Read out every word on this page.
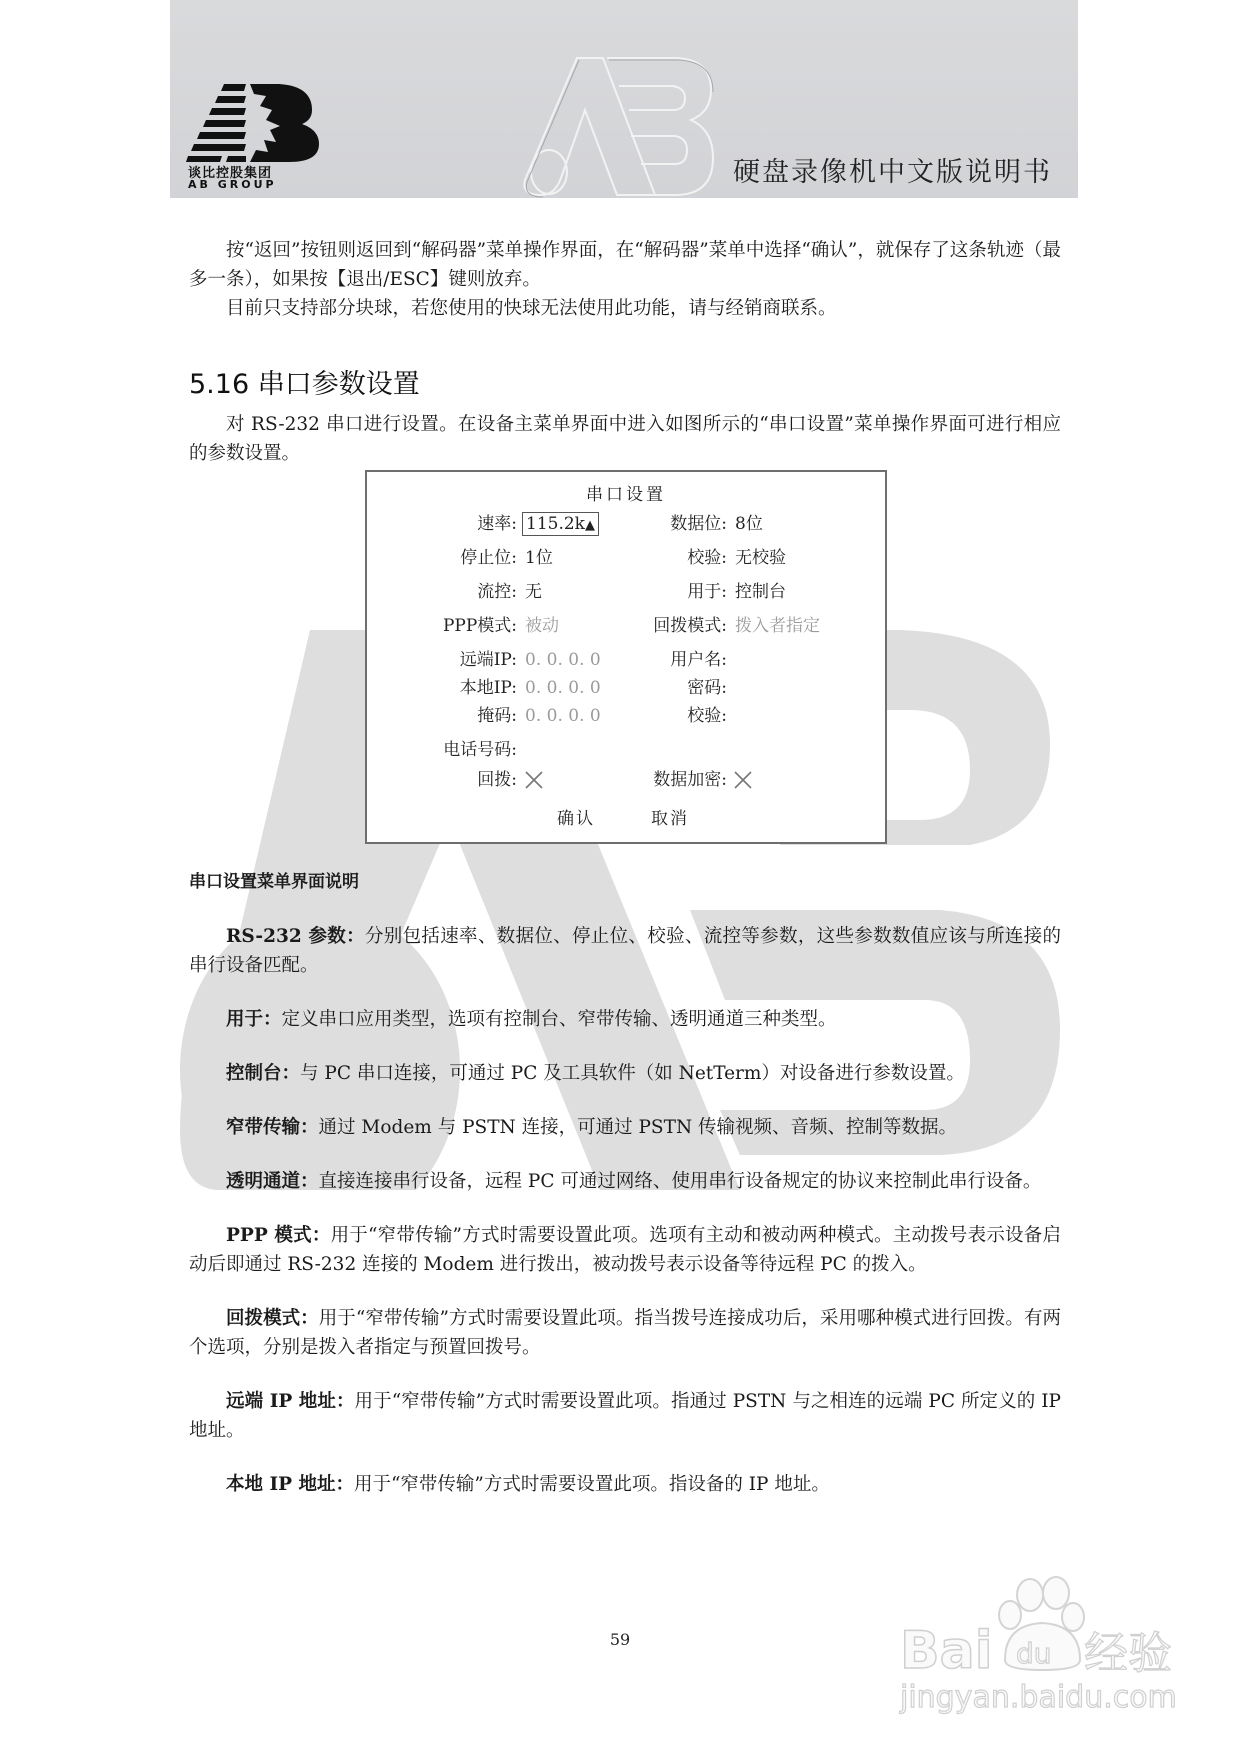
谈比控股集团
AB GROUP	硬盘录像机中文版说明书

按“返回”按钮则返回到“解码器”菜单操作界面，在“解码器”菜单中选择“确认”，就保存了这条轨迹（最多一条），如果按【退出/ESC】键则放弃。

目前只支持部分块球，若您使用的快球无法使用此功能，请与经销商联系。

5.16 串口参数设置

对 RS-232 串口进行设置。在设备主菜单界面中进入如图所示的“串口设置”菜单操作界面可进行相应的参数设置。

串口设置
速率: 115.2k▲︎	数据位: 8位
停止位: 1位	校验: 无校验
流控: 无	用于: 控制台
PPP模式: 被动	回拨模式: 拨入者指定
远端IP: 0. 0. 0. 0	用户名:
本地IP: 0. 0. 0. 0	密码:
掩码: 0. 0. 0. 0	校验:
电话号码:
回拨:	数据加密:
确认	取消

串口设置菜单界面说明

RS-232 参数：分别包括速率、数据位、停止位、校验、流控等参数，这些参数数值应该与所连接的串行设备匹配。

用于：定义串口应用类型，选项有控制台、窄带传输、透明通道三种类型。

控制台：与 PC 串口连接，可通过 PC 及工具软件（如 NetTerm）对设备进行参数设置。

窄带传输：通过 Modem 与 PSTN 连接，可通过 PSTN 传输视频、音频、控制等数据。

透明通道：直接连接串行设备，远程 PC 可通过网络、使用串行设备规定的协议来控制此串行设备。

PPP 模式：用于“窄带传输”方式时需要设置此项。选项有主动和被动两种模式。主动拨号表示设备启动后即通过 RS-232 连接的 Modem 进行拨出，被动拨号表示设备等待远程 PC 的拨入。

回拨模式：用于“窄带传输”方式时需要设置此项。指当拨号连接成功后，采用哪种模式进行回拨。有两个选项，分别是拨入者指定与预置回拨号。

远端 IP 地址：用于“窄带传输”方式时需要设置此项。指通过 PSTN 与之相连的远端 PC 所定义的 IP 地址。

本地 IP 地址：用于“窄带传输”方式时需要设置此项。指设备的 IP 地址。

59	Bai du 经验
jingyan.baidu.com
